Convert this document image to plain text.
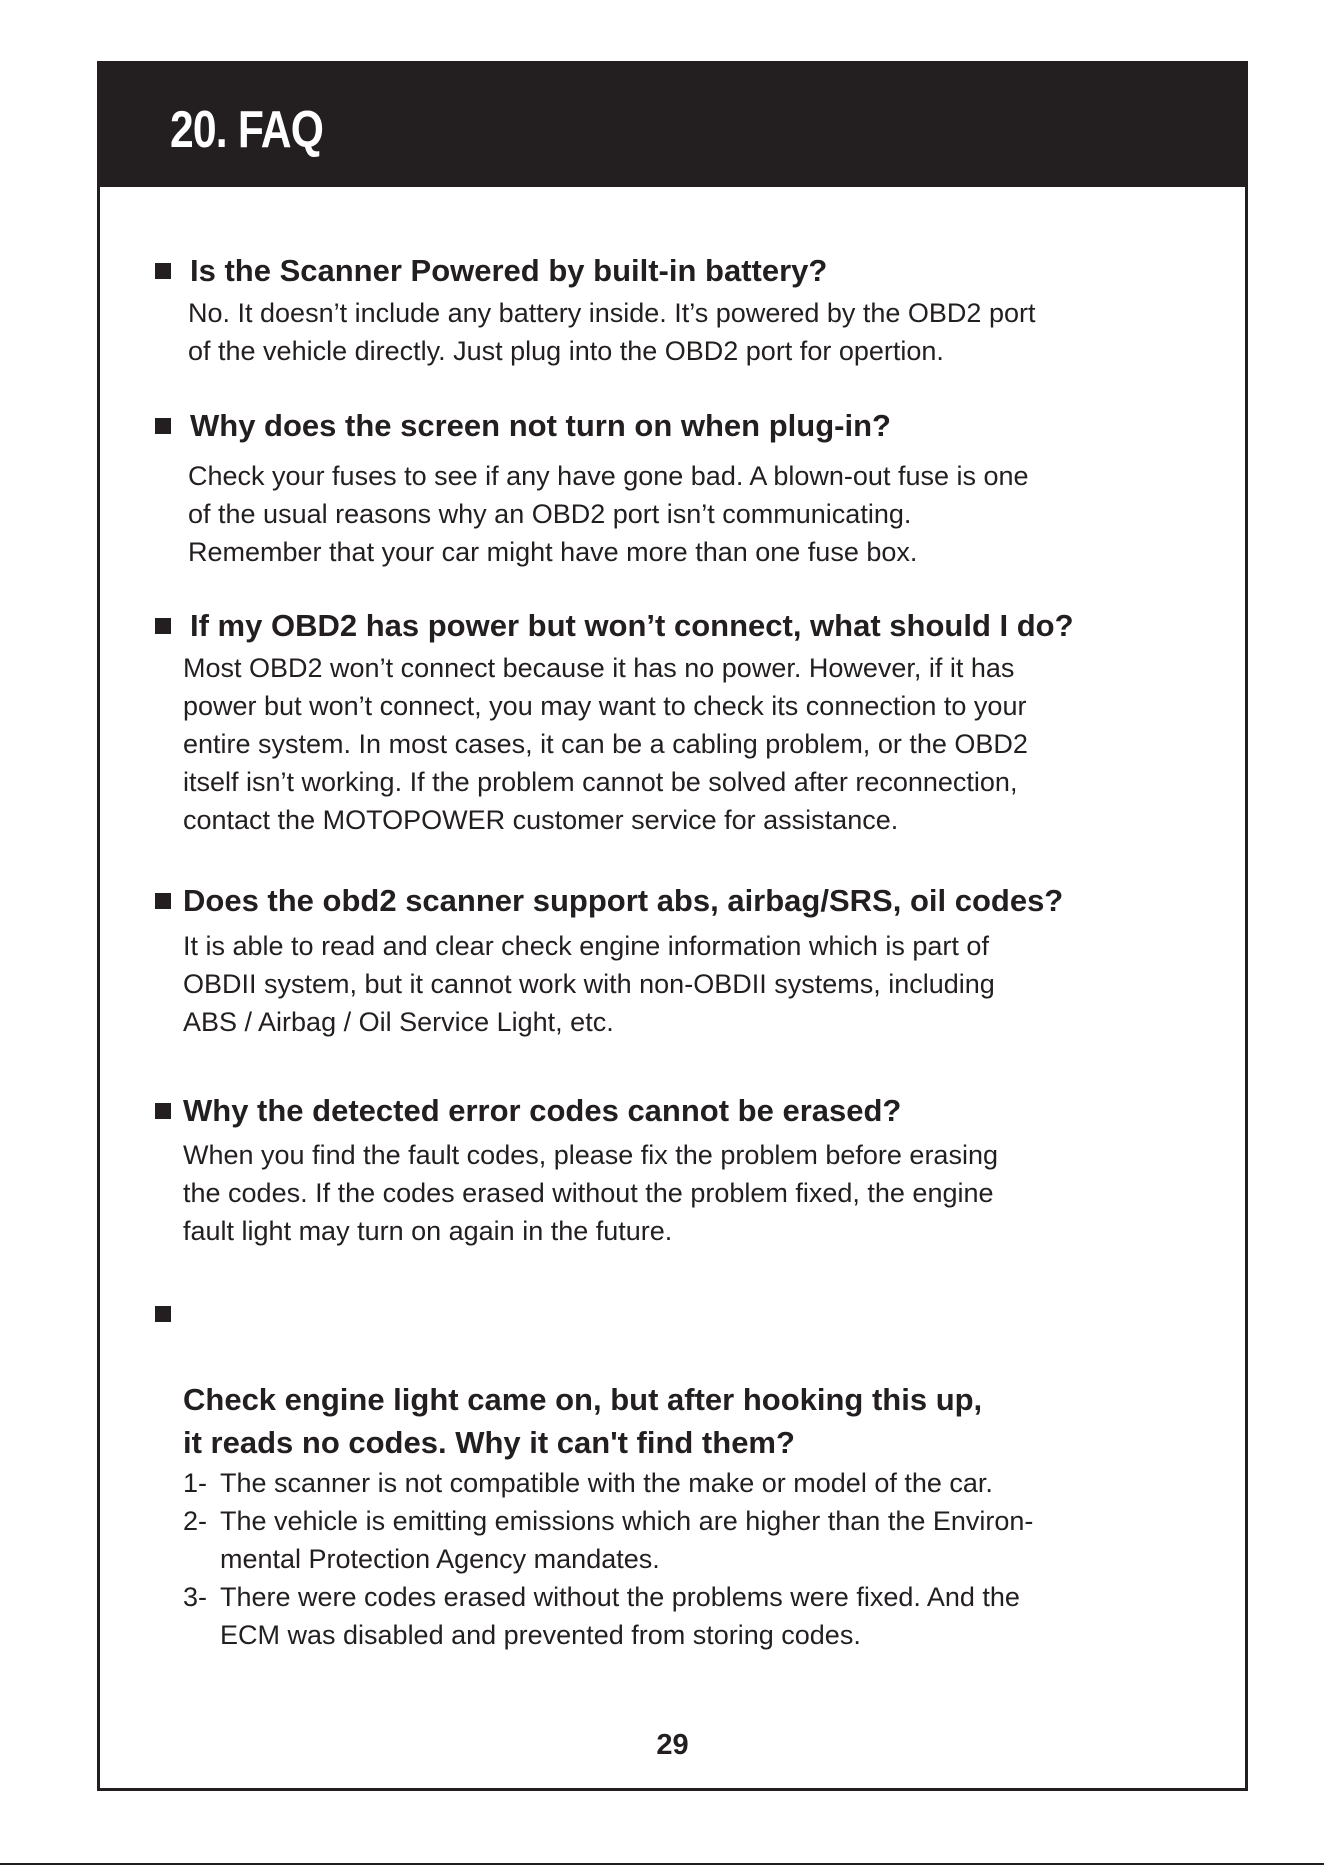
20. FAQ
Is the Scanner Powered by built-in battery?

No. It doesn’t include any battery inside. It’s powered by the OBD2 port
of the vehicle directly. Just plug into the OBD2 port for opertion.

Why does the screen not turn on when plug-in?

Check your fuses to see if any have gone bad. A blown-out fuse is one
of the usual reasons why an OBD2 port isn’t communicating.
Remember that your car might have more than one fuse box.

If my OBD2 has power but won’t connect, what should I do?

Most OBD2 won’t connect because it has no power. However, if it has
power but won’t connect, you may want to check its connection to your
entire system. In most cases, it can be a cabling problem, or the OBD2
itself isn’t working. If the problem cannot be solved after reconnection,
contact the MOTOPOWER customer service for assistance.

Does the obd2 scanner support abs, airbag/SRS, oil codes?

It is able to read and clear check engine information which is part of
OBDII system, but it cannot work with non-OBDII systems, including
ABS / Airbag / Oil Service Light, etc.

Why the detected error codes cannot be erased?

When you find the fault codes, please fix the problem before erasing
the codes. If the codes erased without the problem fixed, the engine
fault light may turn on again in the future.

Check engine light came on, but after hooking this up,
it reads no codes. Why it can't find them?

1- The scanner is not compatible with the make or model of the car.
2- The vehicle is emitting emissions which are higher than the Environ-
mental Protection Agency mandates.
3- There were codes erased without the problems were fixed. And the
ECM was disabled and prevented from storing codes.
29
